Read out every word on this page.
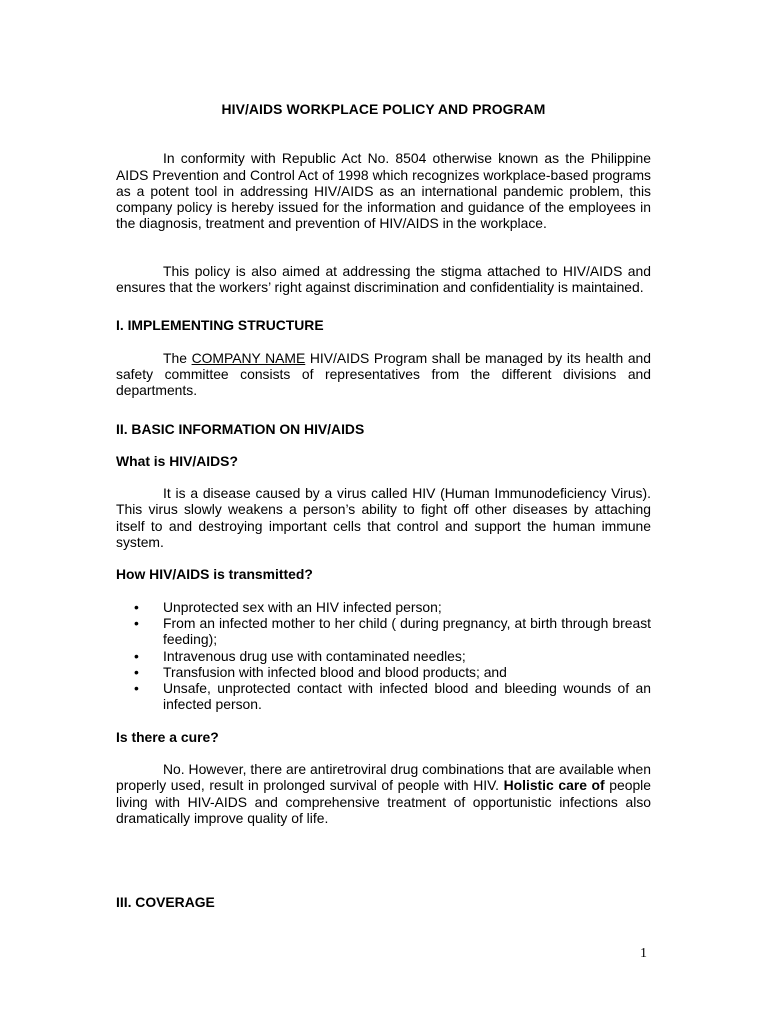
HIV/AIDS WORKPLACE POLICY AND PROGRAM

In conformity with Republic Act No. 8504 otherwise known as the Philippine AIDS Prevention and Control Act of 1998 which recognizes workplace-based programs as a potent tool in addressing HIV/AIDS as an international pandemic problem, this company policy is hereby issued for the information and guidance of the employees in the diagnosis, treatment and prevention of HIV/AIDS in the workplace.

This policy is also aimed at addressing the stigma attached to HIV/AIDS and ensures that the workers’ right against discrimination and confidentiality is maintained.

I. IMPLEMENTING STRUCTURE

The COMPANY NAME HIV/AIDS Program shall be managed by its health and safety committee consists of representatives from the different divisions and departments.

II. BASIC INFORMATION ON HIV/AIDS

What is HIV/AIDS?

It is a disease caused by a virus called HIV (Human Immunodeficiency Virus). This virus slowly weakens a person’s ability to fight off other diseases by attaching itself to and destroying important cells that control and support the human immune system.

How HIV/AIDS is transmitted?

• Unprotected sex with an HIV infected person;
• From an infected mother to her child ( during pregnancy, at birth through breast feeding);
• Intravenous drug use with contaminated needles;
• Transfusion with infected blood and blood products; and
• Unsafe, unprotected contact with infected blood and bleeding wounds of an infected person.

Is there a cure?

No. However, there are antiretroviral drug combinations that are available when properly used, result in prolonged survival of people with HIV. Holistic care of people living with HIV-AIDS and comprehensive treatment of opportunistic infections also dramatically improve quality of life.

III. COVERAGE

1
